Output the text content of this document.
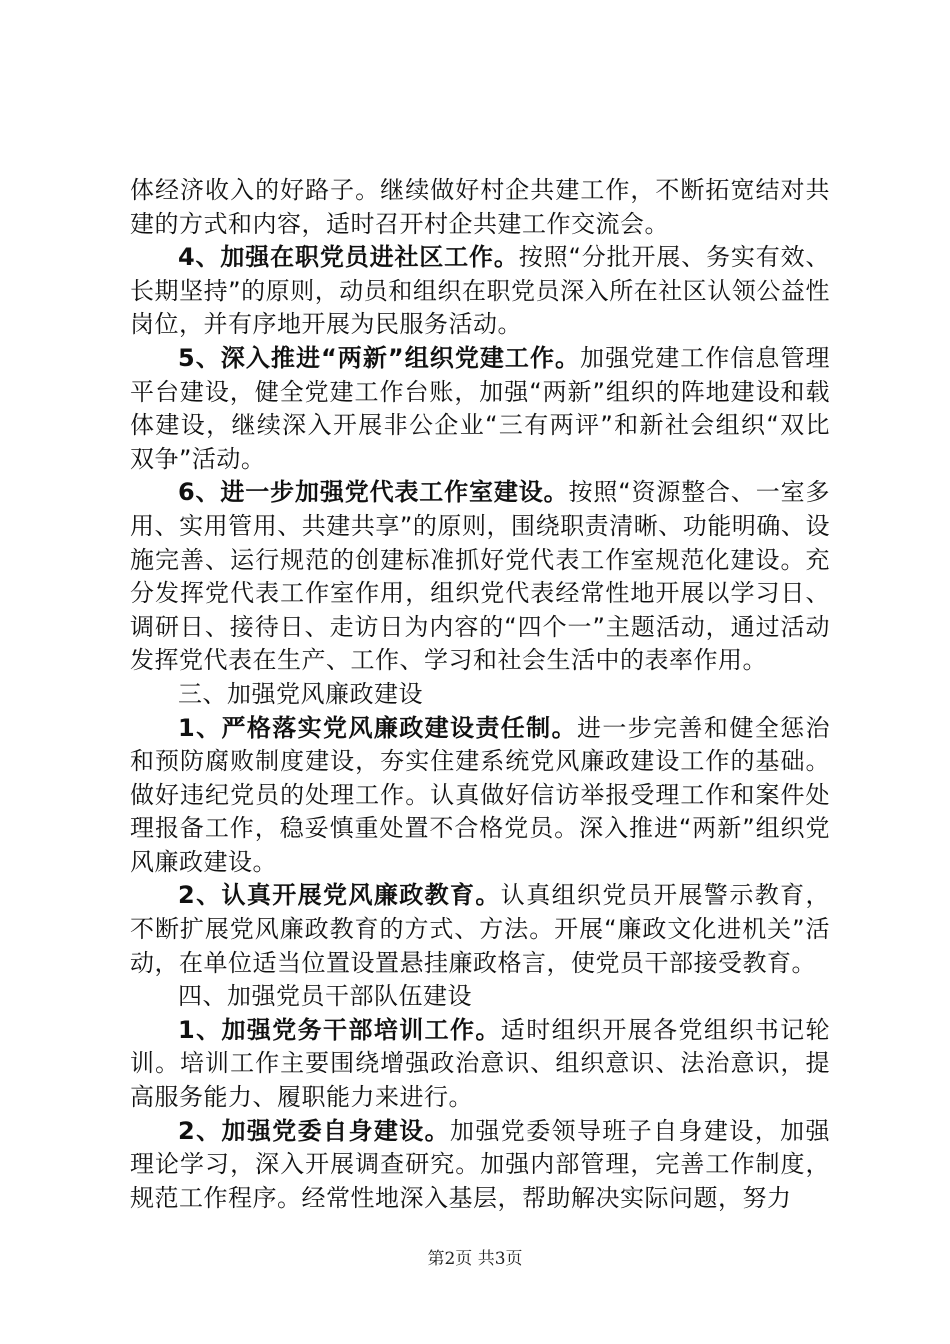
体经济收入的好路子。继续做好村企共建工作，不断拓宽结对共建的方式和内容，适时召开村企共建工作交流会。

4、加强在职党员进社区工作。按照“分批开展、务实有效、长期坚持”的原则，动员和组织在职党员深入所在社区认领公益性岗位，并有序地开展为民服务活动。

5、深入推进“两新”组织党建工作。加强党建工作信息管理平台建设，健全党建工作台账，加强“两新”组织的阵地建设和载体建设，继续深入开展非公企业“三有两评”和新社会组织“双比双争”活动。

6、进一步加强党代表工作室建设。按照“资源整合、一室多用、实用管用、共建共享”的原则，围绕职责清晰、功能明确、设施完善、运行规范的创建标准抓好党代表工作室规范化建设。充分发挥党代表工作室作用，组织党代表经常性地开展以学习日、调研日、接待日、走访日为内容的“四个一”主题活动，通过活动发挥党代表在生产、工作、学习和社会生活中的表率作用。

三、加强党风廉政建设

1、严格落实党风廉政建设责任制。进一步完善和健全惩治和预防腐败制度建设，夯实住建系统党风廉政建设工作的基础。做好违纪党员的处理工作。认真做好信访举报受理工作和案件处理报备工作，稳妥慎重处置不合格党员。深入推进“两新”组织党风廉政建设。

2、认真开展党风廉政教育。认真组织党员开展警示教育，不断扩展党风廉政教育的方式、方法。开展“廉政文化进机关”活动，在单位适当位置设置悬挂廉政格言，使党员干部接受教育。

四、加强党员干部队伍建设

1、加强党务干部培训工作。适时组织开展各党组织书记轮训。培训工作主要围绕增强政治意识、组织意识、法治意识，提高服务能力、履职能力来进行。

2、加强党委自身建设。加强党委领导班子自身建设，加强理论学习，深入开展调查研究。加强内部管理，完善工作制度，规范工作程序。经常性地深入基层，帮助解决实际问题，努力

第2页 共3页
